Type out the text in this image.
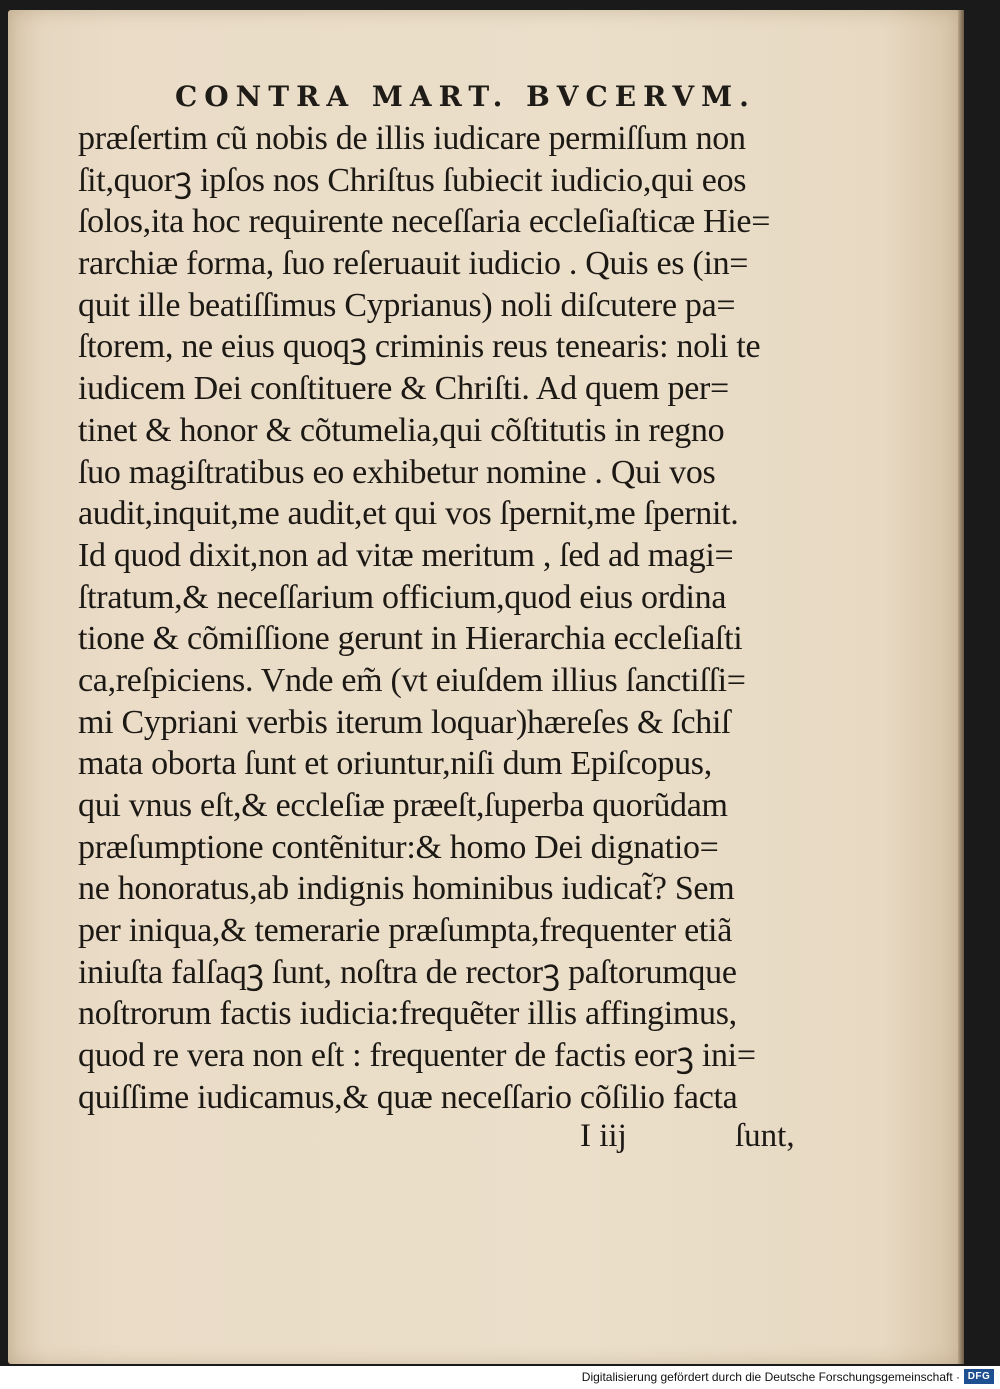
CONTRA MART. BVCERVM.
præſertim cũ nobis de illis iudicare permiſſum non
ſit,quorꝫ ipſos nos Chriſtus ſubiecit iudicio,qui eos
ſolos,ita hoc requirente neceſſaria eccleſiaſticæ Hie=
rarchiæ forma, ſuo reſeruauit iudicio . Quis es (in=
quit ille beatiſſimus Cyprianus) noli diſcutere pa=
ſtorem, ne eius quoqꝫ criminis reus tenearis: noli te
iudicem Dei conſtituere & Chriſti. Ad quem per=
tinet & honor & cõtumelia,qui cõſtitutis in regno
ſuo magiſtratibus eo exhibetur nomine . Qui vos
audit,inquit,me audit,et qui vos ſpernit,me ſpernit.
Id quod dixit,non ad vitæ meritum , ſed ad magi=
ſtratum,& neceſſarium officium,quod eius ordina
tione & cõmiſſione gerunt in Hierarchia eccleſiaſti
ca,reſpiciens. Vnde em̃ (vt eiuſdem illius ſanctiſſi=
mi Cypriani verbis iterum loquar)hæreſes & ſchiſ
mata oborta ſunt et oriuntur,niſi dum Epiſcopus,
qui vnus eſt,& eccleſiæ præeſt,ſuperba quorũdam
præſumptione contẽnitur:& homo Dei dignatio=
ne honoratus,ab indignis hominibus iudicat̃? Sem
per iniqua,& temerarie præſumpta,frequenter etiã
iniuſta falſaqꝫ ſunt, noſtra de rectorꝫ paſtorumque
noſtrorum factis iudicia:frequẽter illis affingimus,
quod re vera non eſt : frequenter de factis eorꝫ ini=
quiſſime iudicamus,& quæ neceſſario cõſilio facta
I iij	ſunt,
Digitalisierung gefördert durch die Deutsche Forschungsgemeinschaft · DFG
